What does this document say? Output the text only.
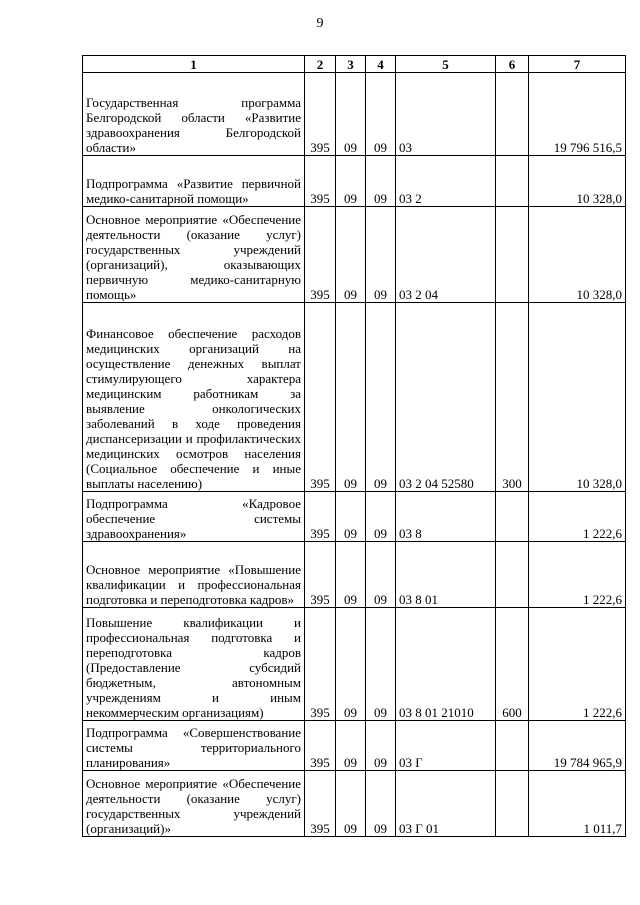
9
1	2	3	4	5	6	7
Государственная программа Белгородской области «Развитие здравоохранения Белгородской области»	395	09	09	03		19 796 516,5
Подпрограмма «Развитие первичной медико-санитарной помощи»	395	09	09	03 2		10 328,0
Основное мероприятие «Обеспечение деятельности (оказание услуг) государственных учреждений (организаций), оказывающих первичную медико-санитарную помощь»	395	09	09	03 2 04		10 328,0
Финансовое обеспечение расходов медицинских организаций на осуществление денежных выплат стимулирующего характера медицинским работникам за выявление онкологических заболеваний в ходе проведения диспансеризации и профилактических медицинских осмотров населения (Социальное обеспечение и иные выплаты населению)	395	09	09	03 2 04 52580	300	10 328,0
Подпрограмма «Кадровое обеспечение системы здравоохранения»	395	09	09	03 8		1 222,6
Основное мероприятие «Повышение квалификации и профессиональная подготовка и переподготовка кадров»	395	09	09	03 8 01		1 222,6
Повышение квалификации и профессиональная подготовка и переподготовка кадров (Предоставление субсидий бюджетным, автономным учреждениям и иным некоммерческим организациям)	395	09	09	03 8 01 21010	600	1 222,6
Подпрограмма «Совершенствование системы территориального планирования»	395	09	09	03 Г		19 784 965,9
Основное мероприятие «Обеспечение деятельности (оказание услуг) государственных учреждений (организаций)»	395	09	09	03 Г 01		1 011,7
